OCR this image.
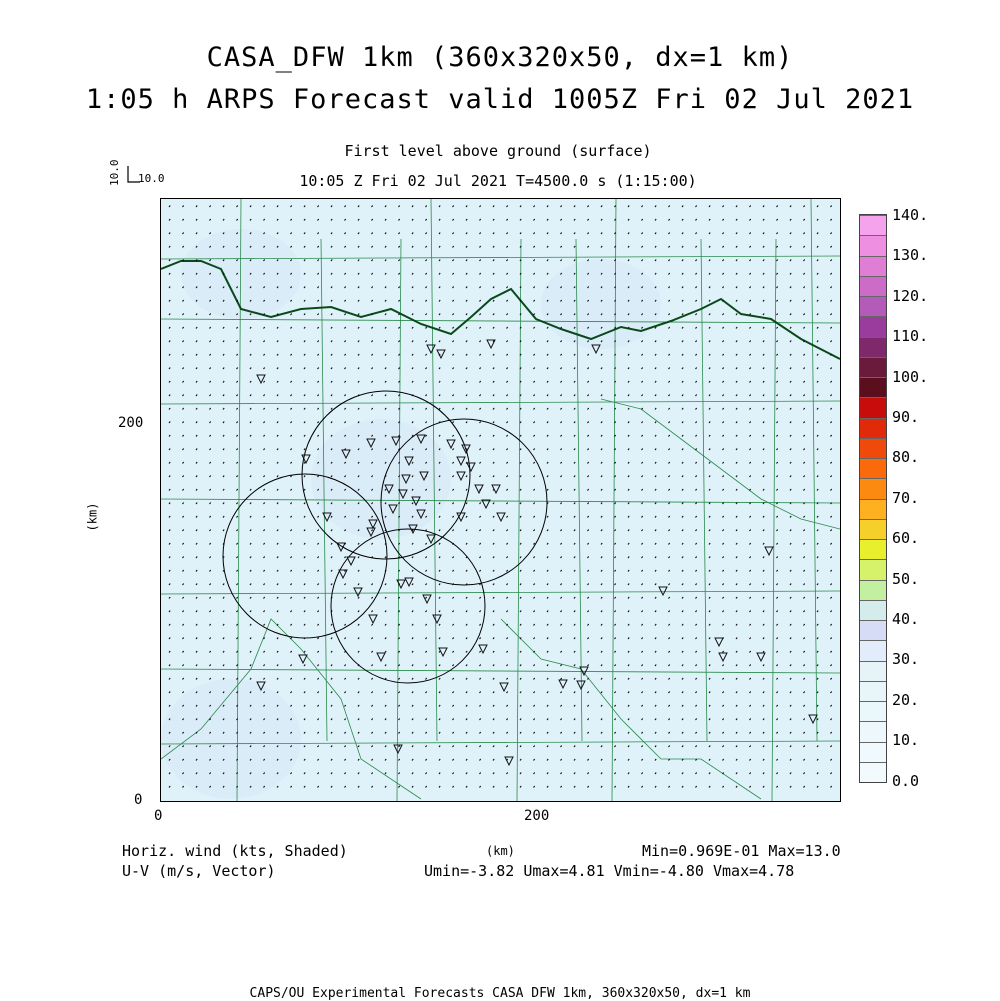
CASA_DFW 1km (360x320x50, dx=1 km)
1:05 h ARPS Forecast valid 1005Z Fri 02 Jul 2021
First level above ground (surface)
10:05 Z Fri 02 Jul 2021 T=4500.0 s (1:15:00)
10.0
10.0
200
0
(km)
0	200
(km)
140.
130.
120.
110.
100.
90.
80.
70.
60.
50.
40.
30.
20.
10.
0.0
Horiz. wind (kts, Shaded)
U-V (m/s, Vector)
Min=0.969E-01 Max=13.0
Umin=-3.82 Umax=4.81 Vmin=-4.80 Vmax=4.78
CAPS/OU Experimental Forecasts CASA DFW 1km, 360x320x50, dx=1 km
